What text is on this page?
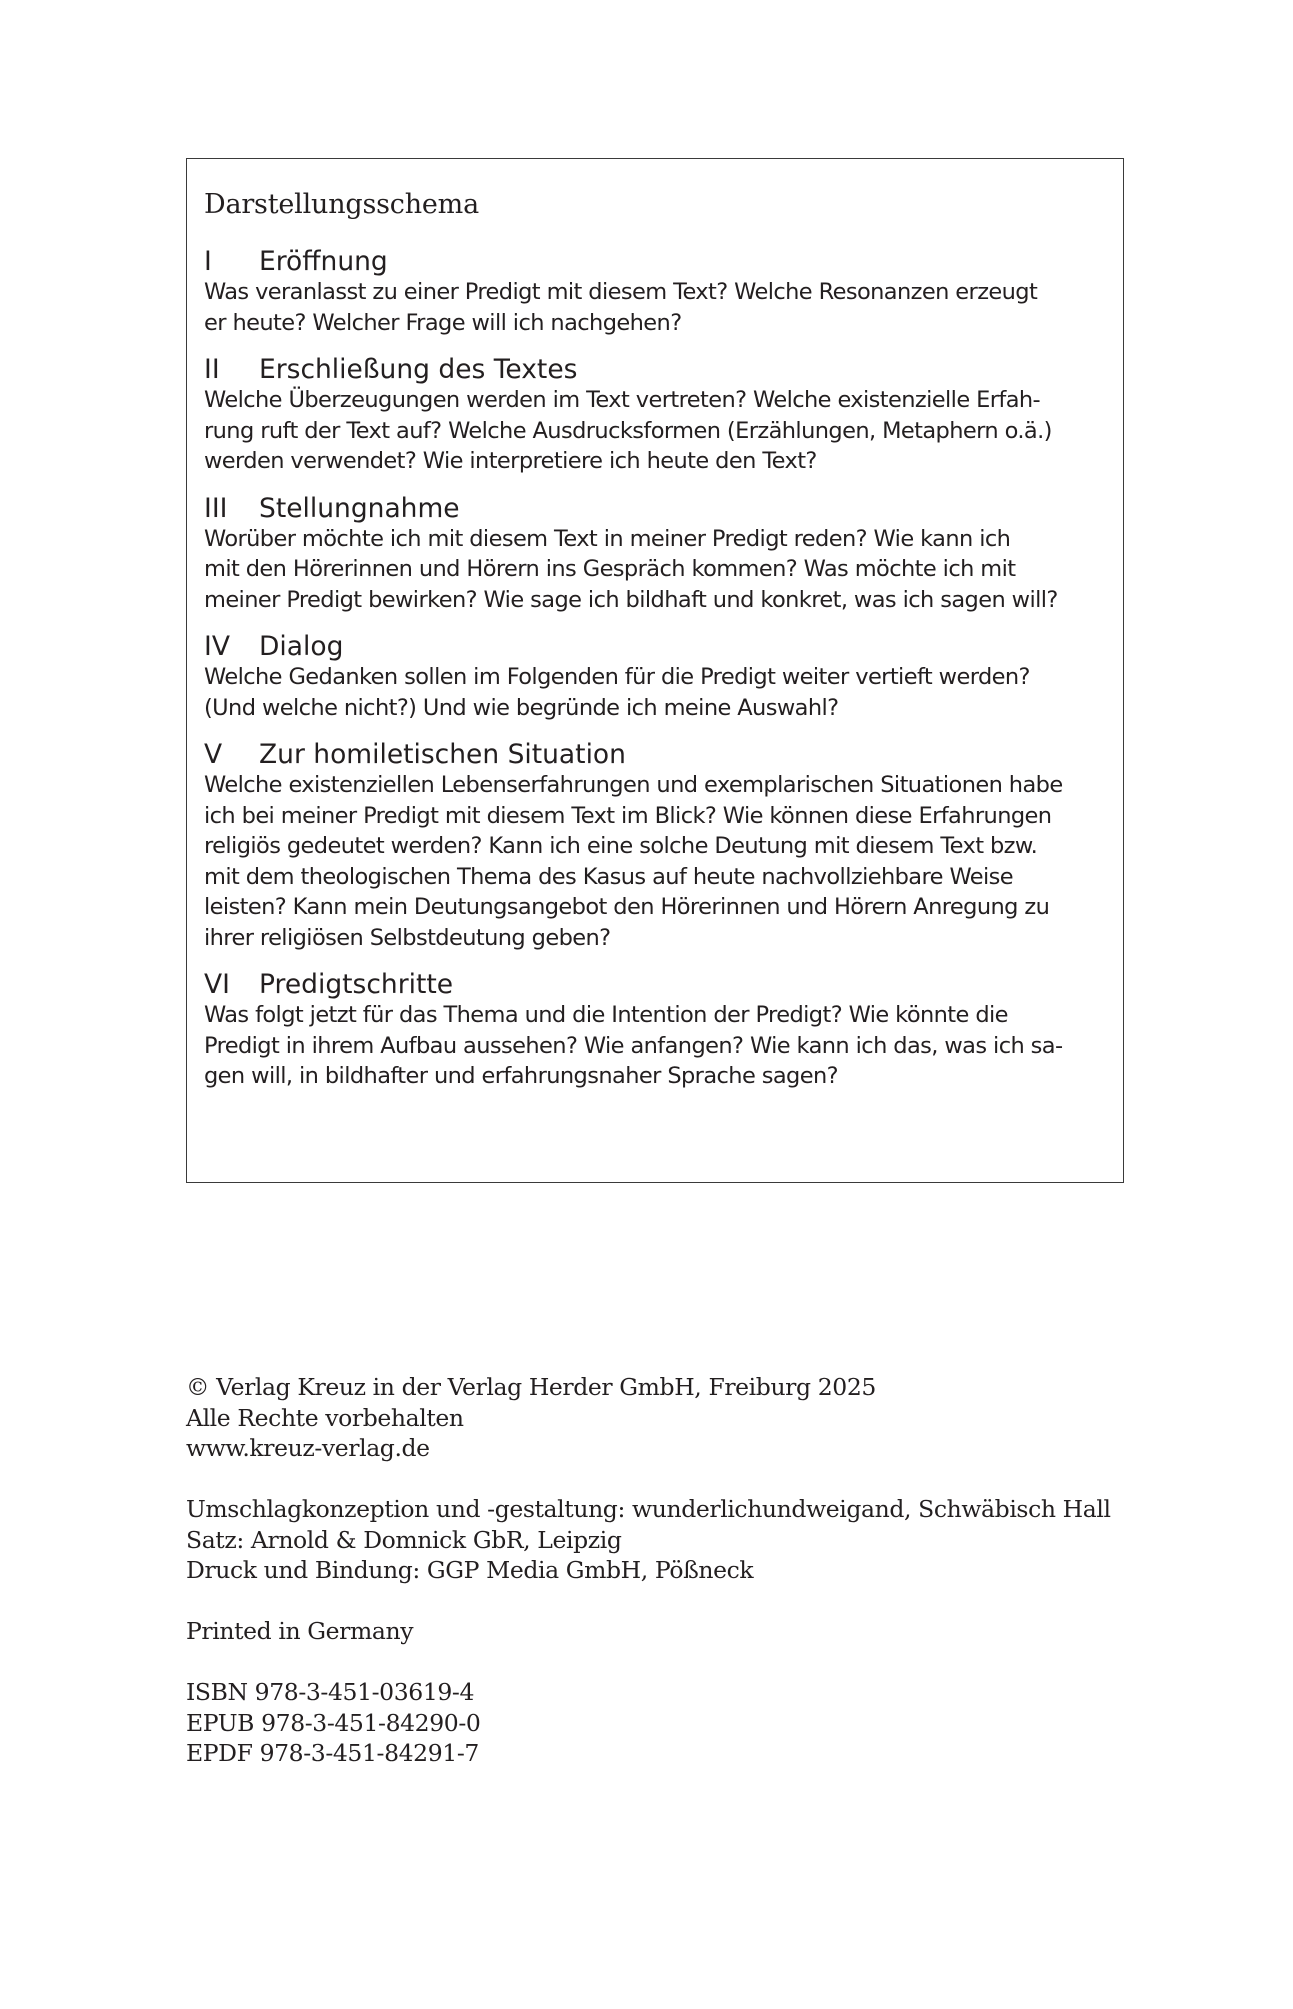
Darstellungsschema
I	Eröffnung

Was veranlasst zu einer Predigt mit diesem Text? Welche Resonanzen erzeugt
er heute? Welcher Frage will ich nachgehen?

II	Erschließung des Textes

Welche Überzeugungen werden im Text vertreten? Welche existenzielle Erfah-
rung ruft der Text auf? Welche Ausdrucksformen (Erzählungen, Metaphern o.ä.)
werden verwendet? Wie interpretiere ich heute den Text?

III	Stellungnahme

Worüber möchte ich mit diesem Text in meiner Predigt reden? Wie kann ich
mit den Hörerinnen und Hörern ins Gespräch kommen? Was möchte ich mit
meiner Predigt bewirken? Wie sage ich bildhaft und konkret, was ich sagen will?

IV	Dialog

Welche Gedanken sollen im Folgenden für die Predigt weiter vertieft werden?
(Und welche nicht?) Und wie begründe ich meine Auswahl?

V	Zur homiletischen Situation

Welche existenziellen Lebenserfahrungen und exemplarischen Situationen habe
ich bei meiner Predigt mit diesem Text im Blick? Wie können diese Erfahrungen
religiös gedeutet werden? Kann ich eine solche Deutung mit diesem Text bzw.
mit dem theologischen Thema des Kasus auf heute nachvollziehbare Weise
leisten? Kann mein Deutungsangebot den Hörerinnen und Hörern Anregung zu
ihrer religiösen Selbstdeutung geben?

VI	Predigtschritte

Was folgt jetzt für das Thema und die Intention der Predigt? Wie könnte die
Predigt in ihrem Aufbau aussehen? Wie anfangen? Wie kann ich das, was ich sa-
gen will, in bildhafter und erfahrungsnaher Sprache sagen?

© Verlag Kreuz in der Verlag Herder GmbH, Freiburg 2025
Alle Rechte vorbehalten
www.kreuz-verlag.de
Umschlagkonzeption und -gestaltung: wunderlichundweigand, Schwäbisch Hall
Satz: Arnold & Domnick GbR, Leipzig
Druck und Bindung: GGP Media GmbH, Pößneck
Printed in Germany
ISBN 978-3-451-03619-4
EPUB 978-3-451-84290-0
EPDF 978-3-451-84291-7
